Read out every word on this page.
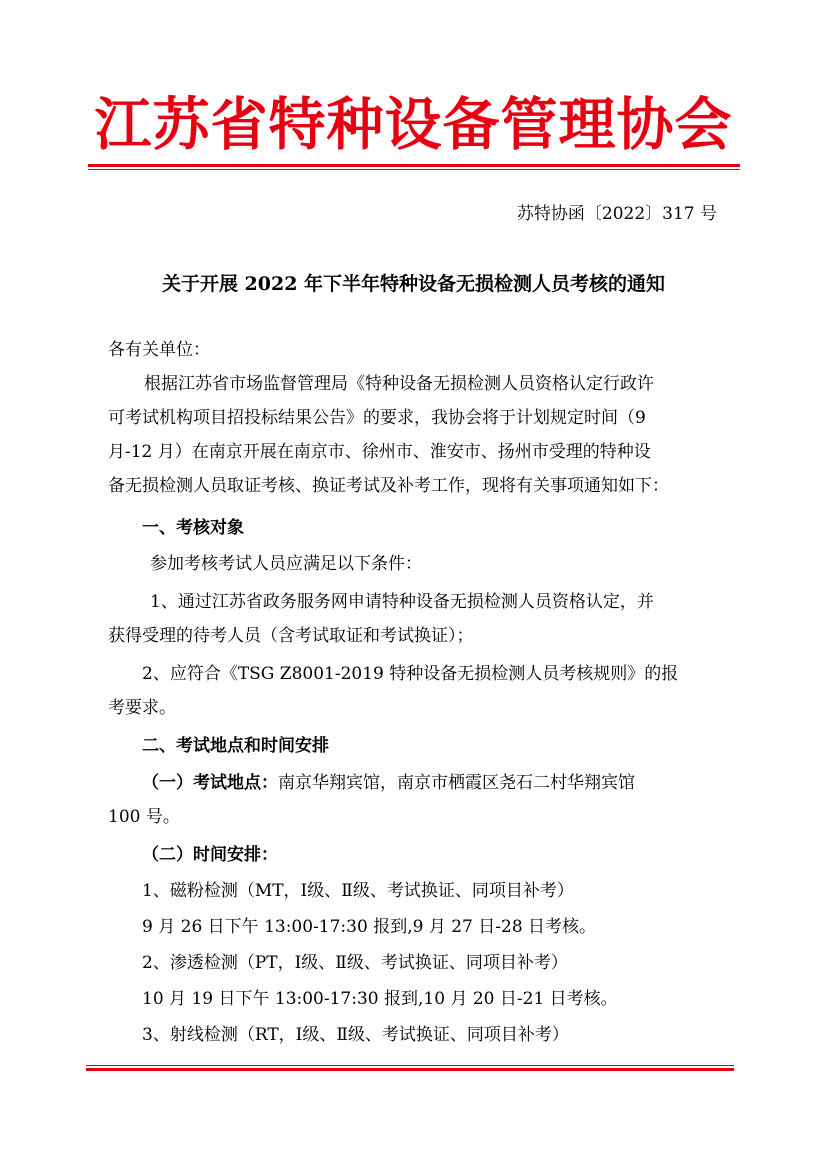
江苏省特种设备管理协会
苏特协函〔2022〕317 号
关于开展 2022 年下半年特种设备无损检测人员考核的通知
各有关单位：
根据江苏省市场监督管理局《特种设备无损检测人员资格认定行政许
可考试机构项目招投标结果公告》的要求，我协会将于计划规定时间（9
月-12 月）在南京开展在南京市、徐州市、淮安市、扬州市受理的特种设
备无损检测人员取证考核、换证考试及补考工作，现将有关事项通知如下：
一、考核对象
参加考核考试人员应满足以下条件：
1、通过江苏省政务服务网申请特种设备无损检测人员资格认定，并
获得受理的待考人员（含考试取证和考试换证）；
2、应符合《TSG Z8001-2019 特种设备无损检测人员考核规则》的报
考要求。
二、考试地点和时间安排
（一）考试地点：南京华翔宾馆，南京市栖霞区尧石二村华翔宾馆
100 号。
（二）时间安排：
1、磁粉检测（MT，Ⅰ级、Ⅱ级、考试换证、同项目补考）
9 月 26 日下午 13:00-17:30 报到,9 月 27 日-28 日考核。
2、渗透检测（PT，Ⅰ级、Ⅱ级、考试换证、同项目补考）
10 月 19 日下午 13:00-17:30 报到,10 月 20 日-21 日考核。
3、射线检测（RT，Ⅰ级、Ⅱ级、考试换证、同项目补考）
